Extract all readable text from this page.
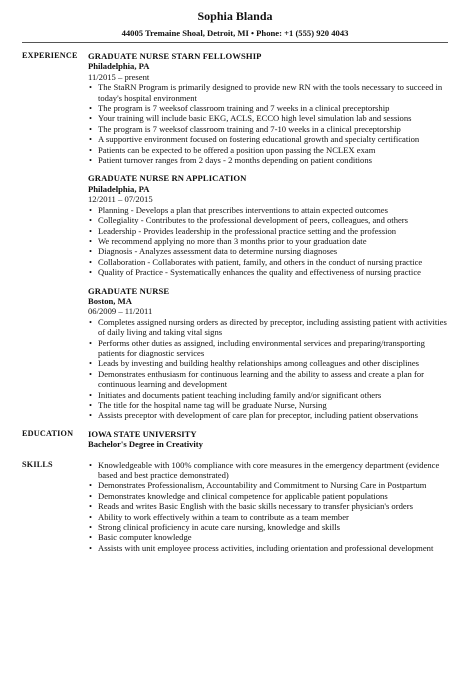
Sophia Blanda
44005 Tremaine Shoal, Detroit, MI • Phone: +1 (555) 920 4043
EXPERIENCE	GRADUATE NURSE STARN FELLOWSHIP
Philadelphia, PA
11/2015 – present
• The StaRN Program is primarily designed to provide new RN with the tools necessary to succeed in today's hospital environment
• The program is 7 weeksof classroom training and 7 weeks in a clinical preceptorship
• Your training will include basic EKG, ACLS, ECCO high level simulation lab and sessions
• The program is 7 weeksof classroom training and 7-10 weeks in a clinical preceptorship
• A supportive environment focused on fostering educational growth and specialty certification
• Patients can be expected to be offered a position upon passing the NCLEX exam
• Patient turnover ranges from 2 days - 2 months depending on patient conditions
GRADUATE NURSE RN APPLICATION
Philadelphia, PA
12/2011 – 07/2015
• Planning - Develops a plan that prescribes interventions to attain expected outcomes
• Collegiality - Contributes to the professional development of peers, colleagues, and others
• Leadership - Provides leadership in the professional practice setting and the profession
• We recommend applying no more than 3 months prior to your graduation date
• Diagnosis - Analyzes assessment data to determine nursing diagnoses
• Collaboration - Collaborates with patient, family, and others in the conduct of nursing practice
• Quality of Practice - Systematically enhances the quality and effectiveness of nursing practice
GRADUATE NURSE
Boston, MA
06/2009 – 11/2011
• Completes assigned nursing orders as directed by preceptor, including assisting patient with activities of daily living and taking vital signs
• Performs other duties as assigned, including environmental services and preparing/transporting patients for diagnostic services
• Leads by investing and building healthy relationships among colleagues and other disciplines
• Demonstrates enthusiasm for continuous learning and the ability to assess and create a plan for continuous learning and development
• Initiates and documents patient teaching including family and/or significant others
• The title for the hospital name tag will be graduate Nurse, Nursing
• Assists preceptor with development of care plan for preceptor, including patient observations
EDUCATION	IOWA STATE UNIVERSITY
Bachelor's Degree in Creativity
SKILLS
•	Knowledgeable with 100% compliance with core measures in the emergency department (evidence based and best practice demonstrated)
• Demonstrates Professionalism, Accountability and Commitment to Nursing Care in Postpartum
• Demonstrates knowledge and clinical competence for applicable patient populations
• Reads and writes Basic English with the basic skills necessary to transfer physician's orders
• Ability to work effectively within a team to contribute as a team member
• Strong clinical proficiency in acute care nursing, knowledge and skills
• Basic computer knowledge
• Assists with unit employee process activities, including orientation and professional development
